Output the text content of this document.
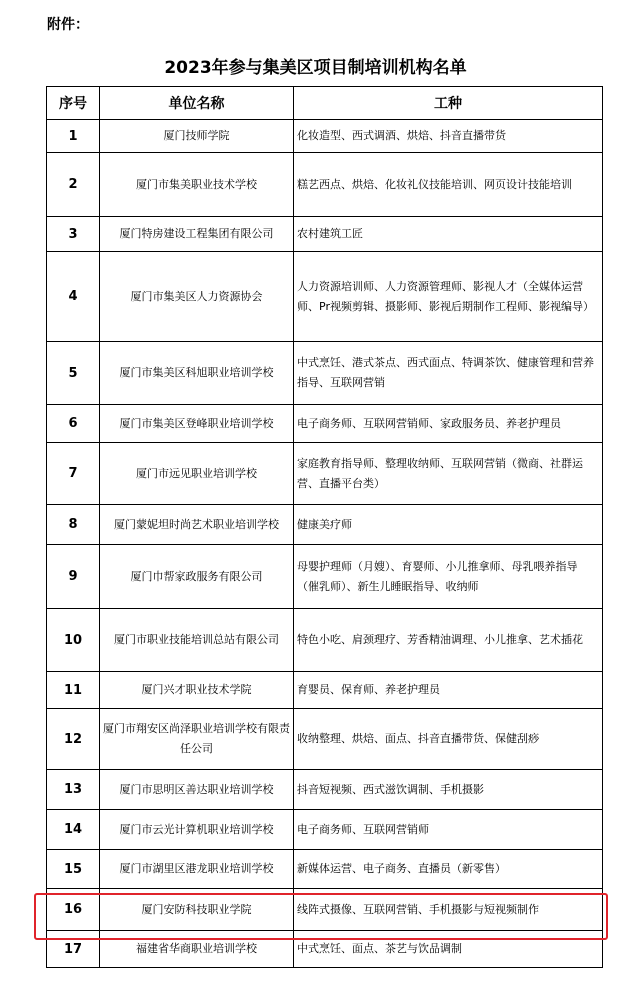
附件：
2023年参与集美区项目制培训机构名单
序号	单位名称	工种
1	厦门技师学院	化妆造型、西式调酒、烘焙、抖音直播带货
2	厦门市集美职业技术学校	糕艺西点、烘焙、化妆礼仪技能培训、网页设计技能培训
3	厦门特房建设工程集团有限公司	农村建筑工匠
4	厦门市集美区人力资源协会	人力资源培训师、人力资源管理师、影视人才（全媒体运营师、Pr视频剪辑、摄影师、影视后期制作工程师、影视编导）
5	厦门市集美区科旭职业培训学校	中式烹饪、港式茶点、西式面点、特调茶饮、健康管理和营养指导、互联网营销
6	厦门市集美区登峰职业培训学校	电子商务师、互联网营销师、家政服务员、养老护理员
7	厦门市远见职业培训学校	家庭教育指导师、整理收纳师、互联网营销（微商、社群运营、直播平台类）
8	厦门蒙妮坦时尚艺术职业培训学校	健康美疗师
9	厦门巾帮家政服务有限公司	母婴护理师（月嫂）、育婴师、小儿推拿师、母乳喂养指导（催乳师）、新生儿睡眠指导、收纳师
10	厦门市职业技能培训总站有限公司	特色小吃、肩颈理疗、芳香精油调理、小儿推拿、艺术插花
11	厦门兴才职业技术学院	育婴员、保育师、养老护理员
12	厦门市翔安区尚泽职业培训学校有限责任公司	收纳整理、烘焙、面点、抖音直播带货、保健刮痧
13	厦门市思明区善达职业培训学校	抖音短视频、西式滋饮调制、手机摄影
14	厦门市云光计算机职业培训学校	电子商务师、互联网营销师
15	厦门市湖里区港龙职业培训学校	新媒体运营、电子商务、直播员（新零售）
16	厦门安防科技职业学院	线阵式摄像、互联网营销、手机摄影与短视频制作
17	福建省华商职业培训学校	中式烹饪、面点、茶艺与饮品调制
